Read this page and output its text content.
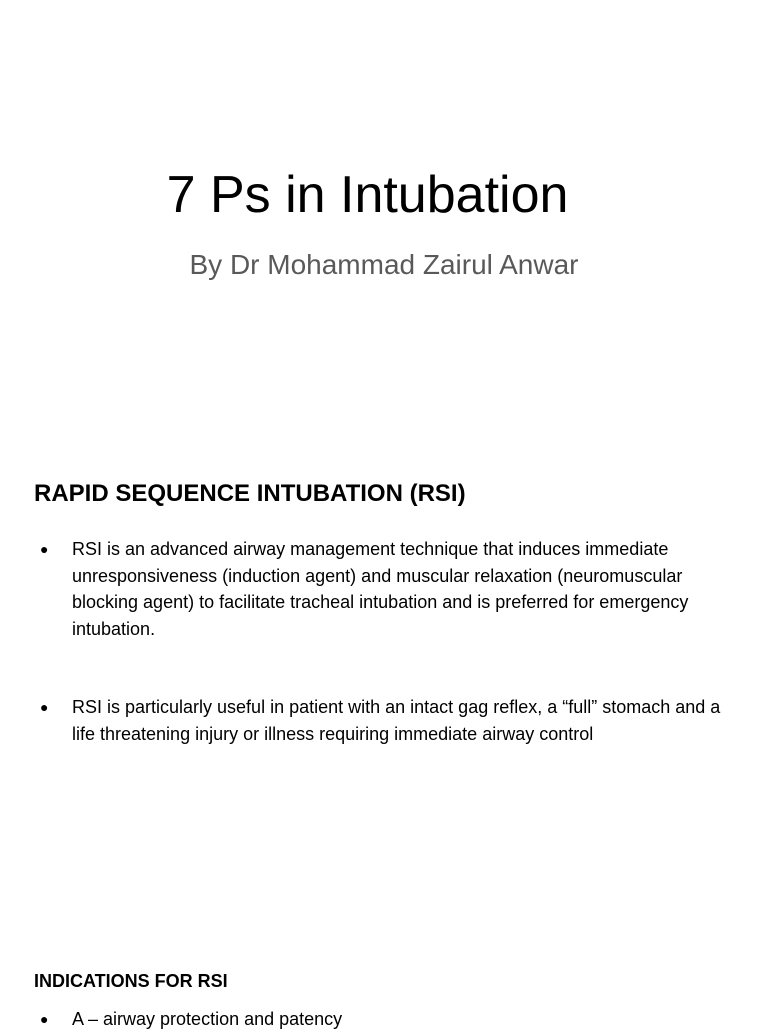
7 Ps in Intubation
By Dr Mohammad Zairul Anwar
RAPID SEQUENCE INTUBATION (RSI)
● RSI is an advanced airway management technique that induces immediate unresponsiveness (induction agent) and muscular relaxation (neuromuscular blocking agent) to facilitate tracheal intubation and is preferred for emergency intubation.
● RSI is particularly useful in patient with an intact gag reflex, a “full” stomach and a life threatening injury or illness requiring immediate airway control
INDICATIONS FOR RSI
● A – airway protection and patency
